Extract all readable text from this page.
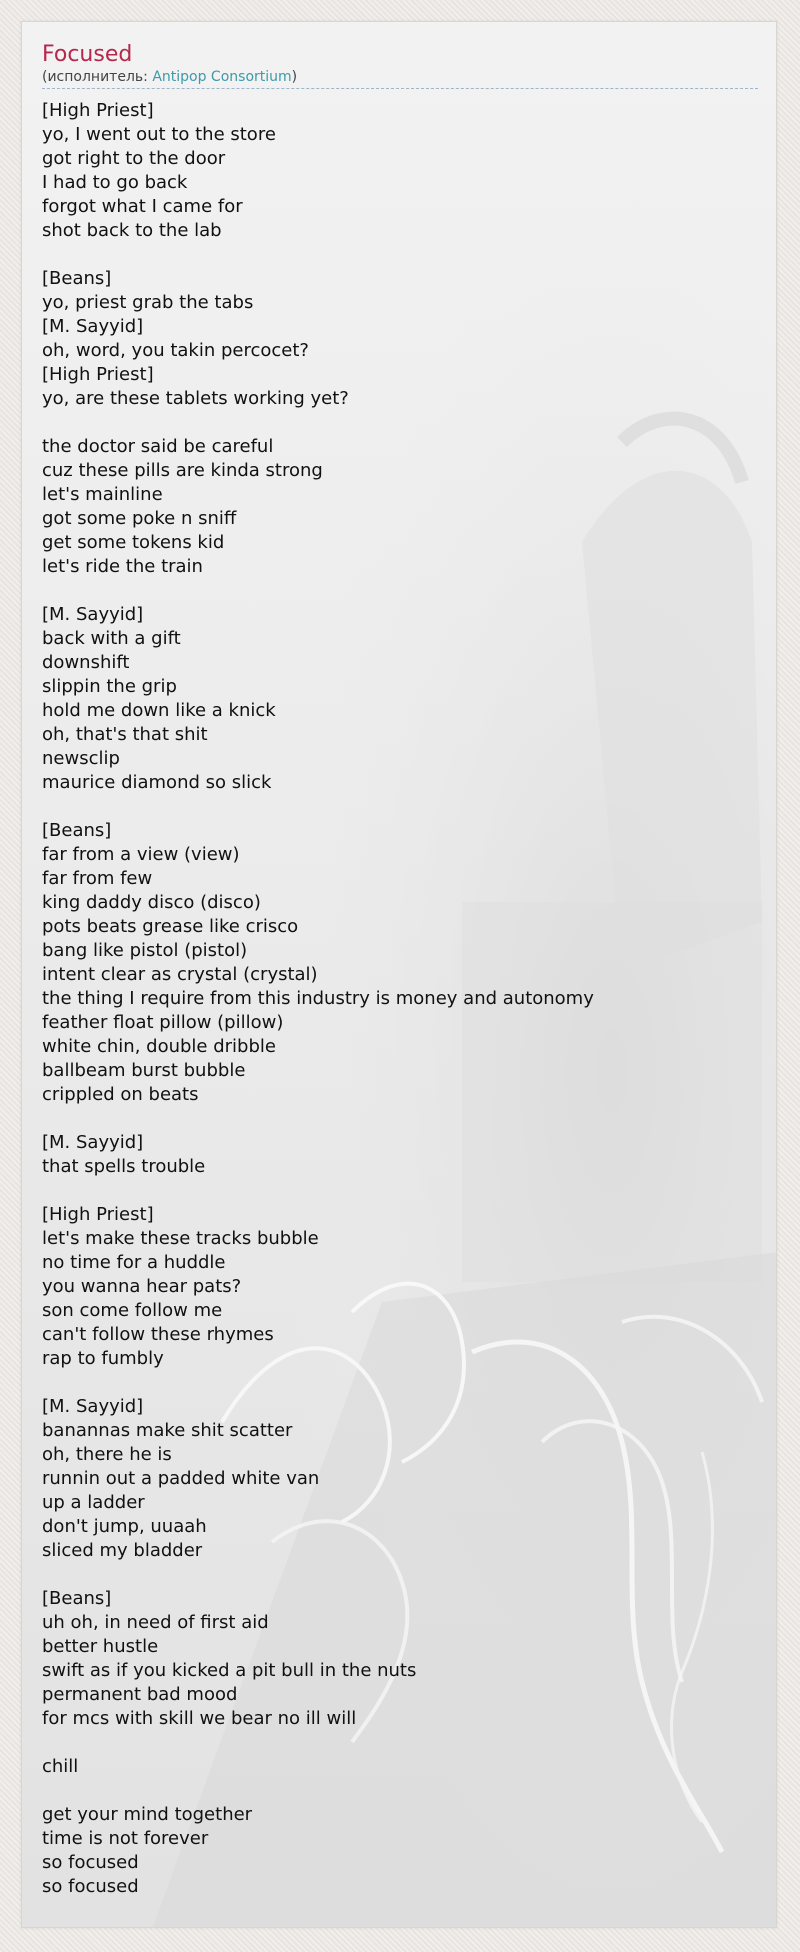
Focused
(исполнитель: Antipop Consortium)
[High Priest]
yo, I went out to the store
got right to the door
I had to go back
forgot what I came for
shot back to the lab
[Beans]
yo, priest grab the tabs
[M. Sayyid]
oh, word, you takin percocet?
[High Priest]
yo, are these tablets working yet?
the doctor said be careful
cuz these pills are kinda strong
let's mainline
got some poke n sniff
get some tokens kid
let's ride the train
[M. Sayyid]
back with a gift
downshift
slippin the grip
hold me down like a knick
oh, that's that shit
newsclip
maurice diamond so slick
[Beans]
far from a view (view)
far from few
king daddy disco (disco)
pots beats grease like crisco
bang like pistol (pistol)
intent clear as crystal (crystal)
the thing I require from this industry is money and autonomy
feather float pillow (pillow)
white chin, double dribble
ballbeam burst bubble
crippled on beats
[M. Sayyid]
that spells trouble
[High Priest]
let's make these tracks bubble
no time for a huddle
you wanna hear pats?
son come follow me
can't follow these rhymes
rap to fumbly
[M. Sayyid]
banannas make shit scatter
oh, there he is
runnin out a padded white van
up a ladder
don't jump, uuaah
sliced my bladder
[Beans]
uh oh, in need of first aid
better hustle
swift as if you kicked a pit bull in the nuts
permanent bad mood
for mcs with skill we bear no ill will
chill
get your mind together
time is not forever
so focused
so focused
